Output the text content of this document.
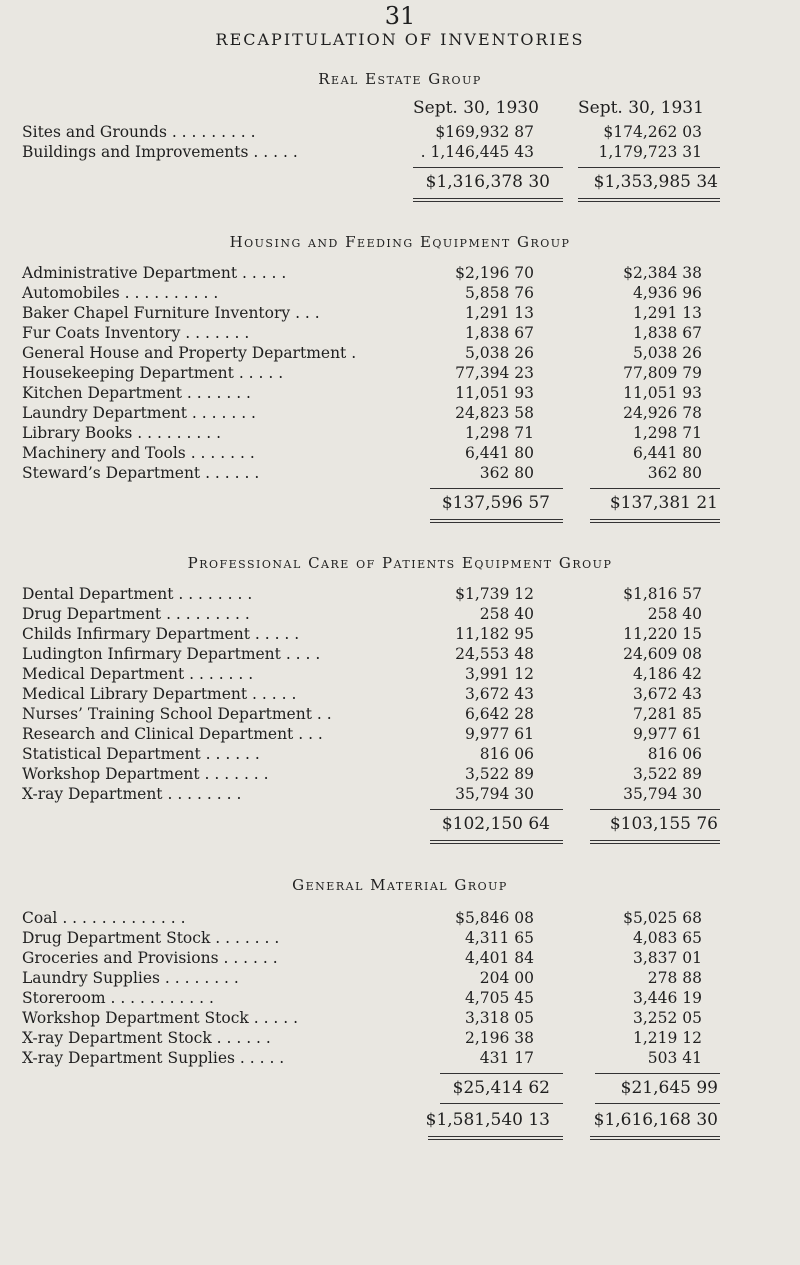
31
RECAPITULATION OF INVENTORIES
Real Estate Group
Sept. 30, 1930 Sept. 30, 1931
Sites and Grounds . . . . . . . . .	$169,932 87	$174,262 03
Buildings and Improvements . . . . .	. 1,146,445 43	1,179,723 31
$1,316,378 30	$1,353,985 34
Housing and Feeding Equipment Group
Administrative Department . . . . .	$2,196 70	$2,384 38
Automobiles . . . . . . . . . .	5,858 76	4,936 96
Baker Chapel Furniture Inventory . . .	1,291 13	1,291 13
Fur Coats Inventory . . . . . . .	1,838 67	1,838 67
General House and Property Department .	5,038 26	5,038 26
Housekeeping Department . . . . .	77,394 23	77,809 79
Kitchen Department . . . . . . .	11,051 93	11,051 93
Laundry Department . . . . . . .	24,823 58	24,926 78
Library Books . . . . . . . . .	1,298 71	1,298 71
Machinery and Tools . . . . . . .	6,441 80	6,441 80
Steward’s Department . . . . . .	362 80	362 80
$137,596 57	$137,381 21
Professional Care of Patients Equipment Group
Dental Department . . . . . . . .	$1,739 12	$1,816 57
Drug Department . . . . . . . . .	258 40	258 40
Childs Infirmary Department . . . . .	11,182 95	11,220 15
Ludington Infirmary Department . . . .	24,553 48	24,609 08
Medical Department . . . . . . .	3,991 12	4,186 42
Medical Library Department . . . . .	3,672 43	3,672 43
Nurses’ Training School Department . .	6,642 28	7,281 85
Research and Clinical Department . . .	9,977 61	9,977 61
Statistical Department . . . . . .	816 06	816 06
Workshop Department . . . . . . .	3,522 89	3,522 89
X-ray Department . . . . . . . .	35,794 30	35,794 30
$102,150 64	$103,155 76
General Material Group
Coal . . . . . . . . . . . . .	$5,846 08	$5,025 68
Drug Department Stock . . . . . . .	4,311 65	4,083 65
Groceries and Provisions . . . . . .	4,401 84	3,837 01
Laundry Supplies . . . . . . . .	204 00	278 88
Storeroom . . . . . . . . . . .	4,705 45	3,446 19
Workshop Department Stock . . . . .	3,318 05	3,252 05
X-ray Department Stock . . . . . .	2,196 38	1,219 12
X-ray Department Supplies . . . . .	431 17	503 41
$25,414 62	$21,645 99
$1,581,540 13	$1,616,168 30
